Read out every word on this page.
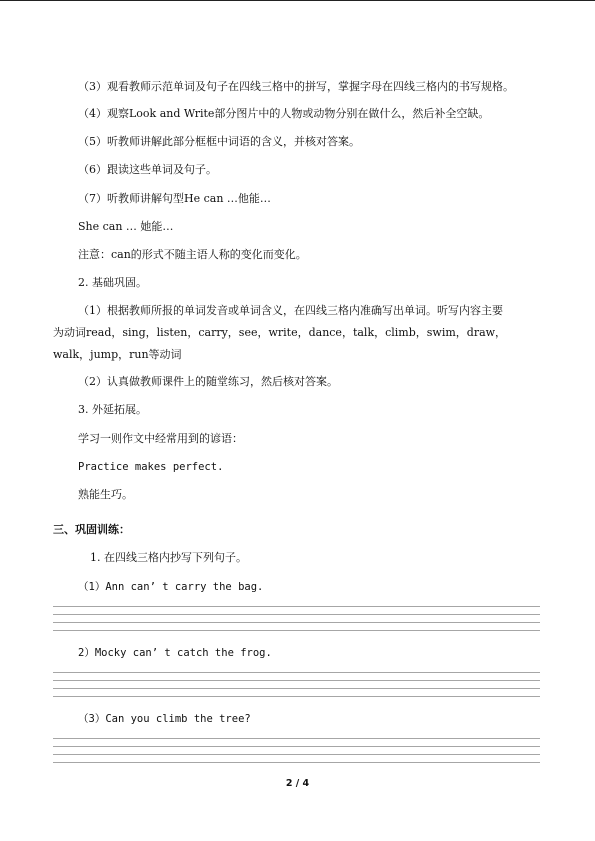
（3）观看教师示范单词及句子在四线三格中的拼写，掌握字母在四线三格内的书写规格。
（4）观察Look and Write部分图片中的人物或动物分别在做什么，然后补全空缺。
（5）听教师讲解此部分框框中词语的含义，并核对答案。
（6）跟读这些单词及句子。
（7）听教师讲解句型He can …他能…
She can … 她能…
注意：can的形式不随主语人称的变化而变化。
2. 基础巩固。
（1）根据教师所报的单词发音或单词含义，在四线三格内准确写出单词。听写内容主要
为动词read，sing，listen，carry，see，write，dance，talk，climb，swim，draw，
walk，jump，run等动词
（2）认真做教师课件上的随堂练习，然后核对答案。
3. 外延拓展。
学习一则作文中经常用到的谚语：
Practice makes perfect.
熟能生巧。
三、巩固训练：
1. 在四线三格内抄写下列句子。
（1）Ann can’ t carry the bag.
2）Mocky can’ t catch the frog.
（3）Can you climb the tree?
2 / 4
